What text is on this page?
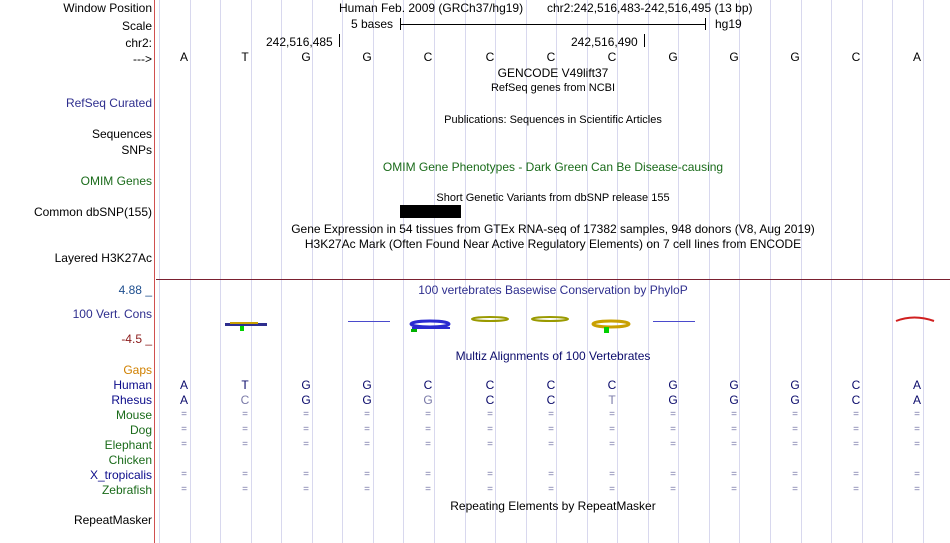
Window Position	Human Feb. 2009 (GRCh37/hg19) chr2:242,516,483-242,516,495 (13 bp)
Scale	5 bases	hg19
chr2:	242,516,485	242,516,490
--->	A	T	G	G	C	C	C	C	G	G	G	C	A
GENCODE V49lift37
RefSeq genes from NCBI
RefSeq Curated
Sequences
Publications: Sequences in Scientific Articles
SNPs
OMIM Gene Phenotypes - Dark Green Can Be Disease-causing
OMIM Genes
Short Genetic Variants from dbSNP release 155
Common dbSNP(155)
Gene Expression in 54 tissues from GTEx RNA-seq of 17382 samples, 948 donors (V8, Aug 2019)
H3K27Ac Mark (Often Found Near Active Regulatory Elements) on 7 cell lines from ENCODE
Layered H3K27Ac
4.88 _	100 vertebrates Basewise Conservation by PhyloP
100 Vert. Cons
-4.5 _
Multiz Alignments of 100 Vertebrates
Gaps
Human	A	T	G	G	C	C	C	C	G	G	G	C	A
Rhesus	A	C	G	G	G	C	C	T	G	G	G	C	A
Mouse	=	=	=	=	=	=	=	=	=	=	=	=	=
Dog	=	=	=	=	=	=	=	=	=	=	=	=	=
Elephant	=	=	=	=	=	=	=	=	=	=	=	=	=
Chicken
X_tropicalis	=	=	=	=	=	=	=	=	=	=	=	=	=
Zebrafish	=	=	=	=	=	=	=	=	=	=	=	=	=
Repeating Elements by RepeatMasker
RepeatMasker
